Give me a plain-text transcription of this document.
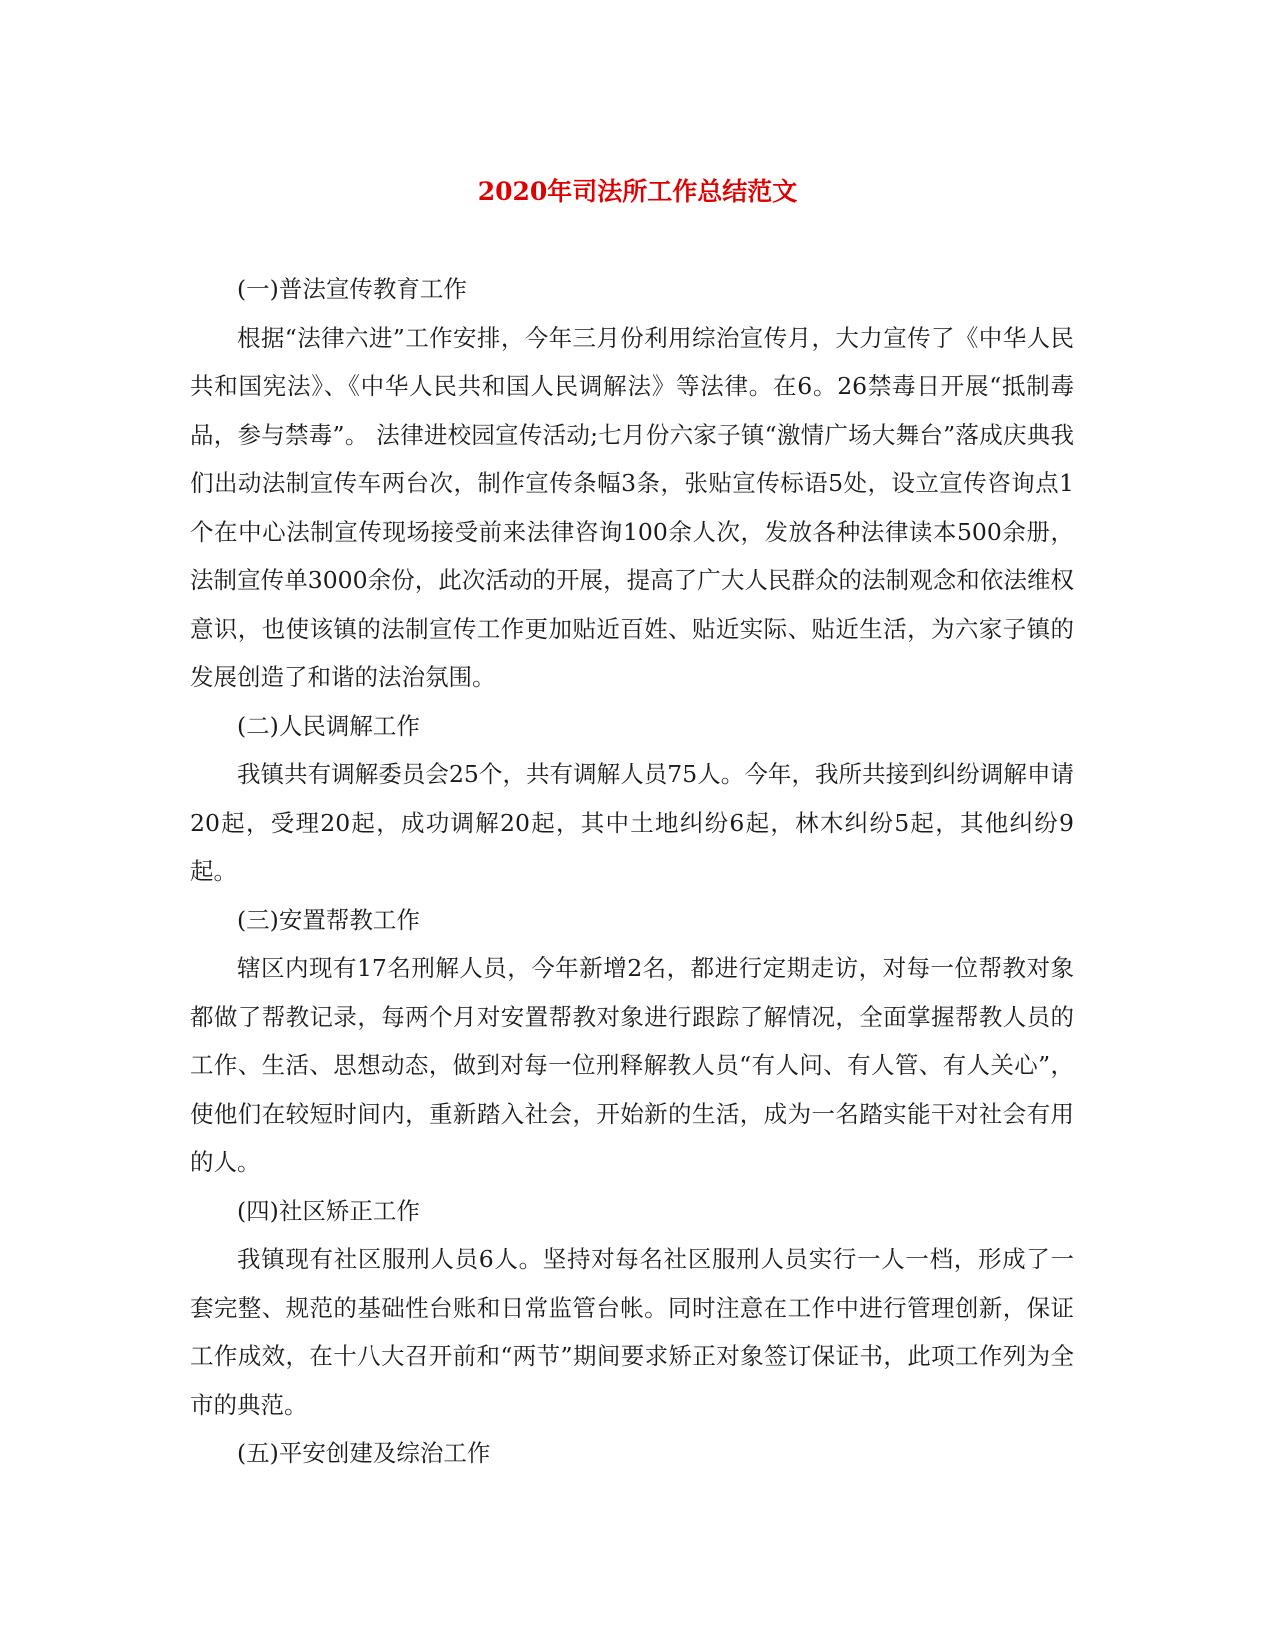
2020年司法所工作总结范文

(一)普法宣传教育工作

根据“法律六进”工作安排，今年三月份利用综治宣传月，大力宣传了《中华人民共和国宪法》、《中华人民共和国人民调解法》等法律。在6。26禁毒日开展“抵制毒品，参与禁毒”。 法律进校园宣传活动;七月份六家子镇“激情广场大舞台”落成庆典我们出动法制宣传车两台次，制作宣传条幅3条，张贴宣传标语5处，设立宣传咨询点1个在中心法制宣传现场接受前来法律咨询100余人次，发放各种法律读本500余册，法制宣传单3000余份，此次活动的开展，提高了广大人民群众的法制观念和依法维权意识，也使该镇的法制宣传工作更加贴近百姓、贴近实际、贴近生活，为六家子镇的发展创造了和谐的法治氛围。

(二)人民调解工作

我镇共有调解委员会25个，共有调解人员75人。今年，我所共接到纠纷调解申请20起，受理20起，成功调解20起，其中土地纠纷6起，林木纠纷5起，其他纠纷9起。

(三)安置帮教工作

辖区内现有17名刑解人员，今年新增2名，都进行定期走访，对每一位帮教对象都做了帮教记录，每两个月对安置帮教对象进行跟踪了解情况，全面掌握帮教人员的工作、生活、思想动态，做到对每一位刑释解教人员“有人问、有人管、有人关心”，使他们在较短时间内，重新踏入社会，开始新的生活，成为一名踏实能干对社会有用的人。

(四)社区矫正工作

我镇现有社区服刑人员6人。坚持对每名社区服刑人员实行一人一档，形成了一套完整、规范的基础性台账和日常监管台帐。同时注意在工作中进行管理创新，保证工作成效，在十八大召开前和“两节”期间要求矫正对象签订保证书，此项工作列为全市的典范。

(五)平安创建及综治工作
